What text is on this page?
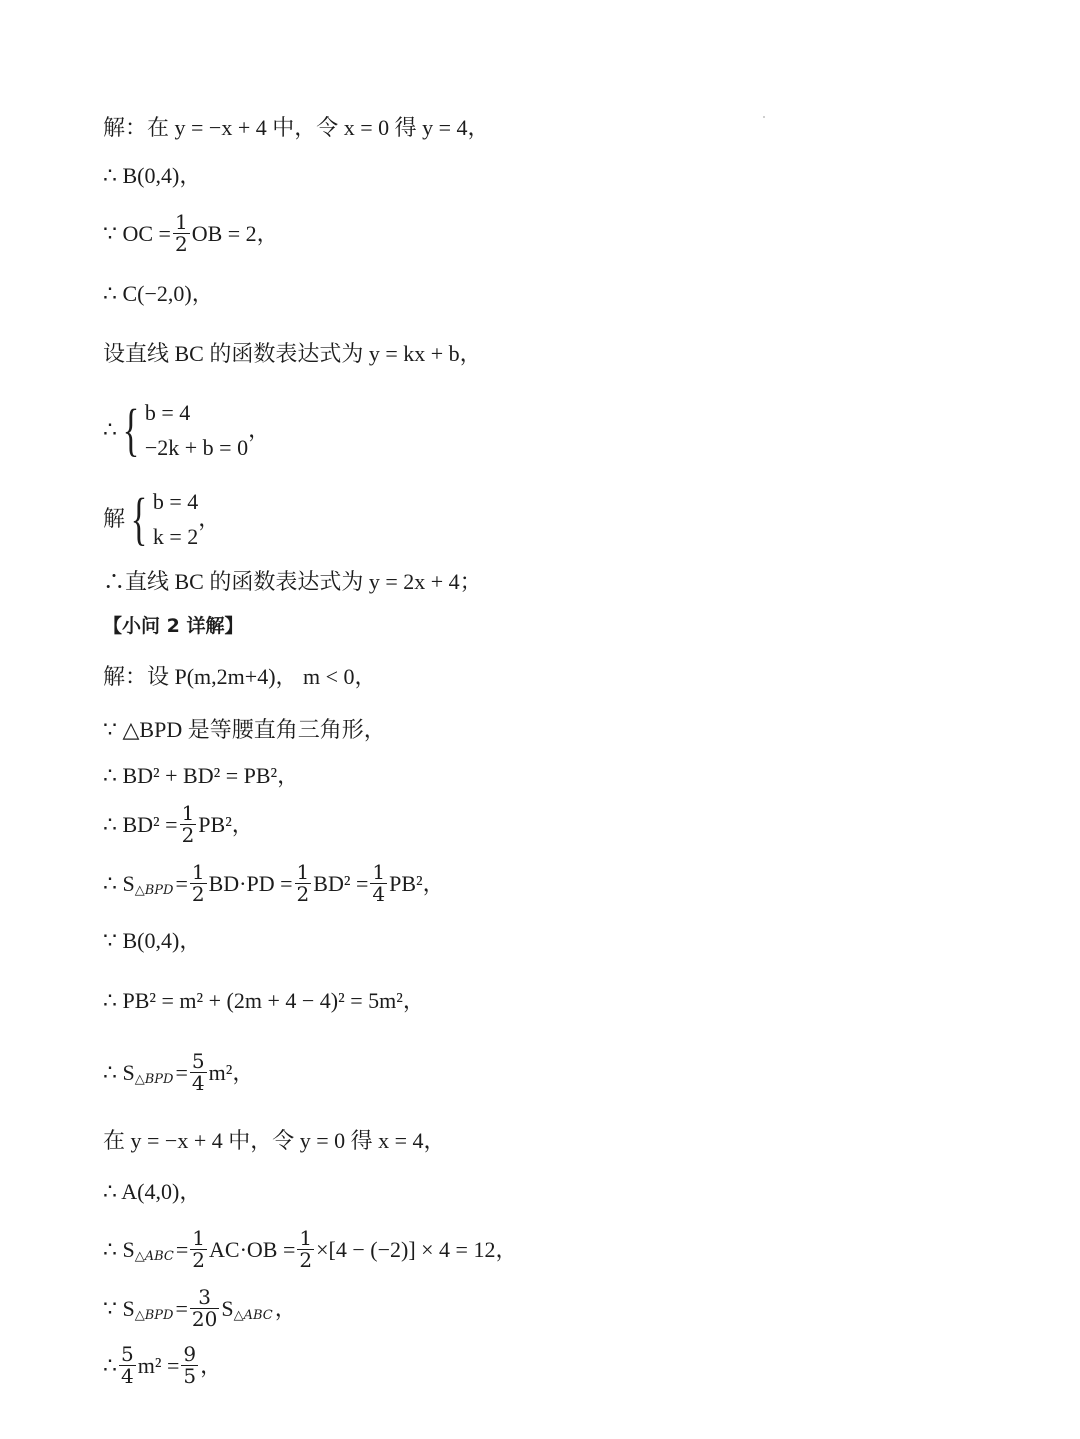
解：在 y = −x + 4 中，令 x = 0 得 y = 4，
∴ B(0,4)，
∵ OC = $\frac{1}{2}$ OB = 2，
∴ C(−2,0)，
设直线 BC 的函数表达式为 y = kx + b，
∴ { b = 4
−2k + b = 0
，
解 { b = 4
k = 2
，
∴直线 BC 的函数表达式为 y = 2x + 4；
【小问 2 详解】
解：设 P(m,2m+4)， m < 0，
∵ △BPD 是等腰直角三角形，
∴ BD² + BD² = PB²，
∴ $BD^2 = \frac{1}{2} PB^2$，
∴ S △BPD = $\frac{1}{2} BD\cdot PD = \frac{1}{2} BD^2 = \frac{1}{4} PB^2$，
∵ B(0,4)，
∴ PB² = m² + (2m + 4 − 4)² = 5m²，
∴ S △BPD = $\frac{5}{4} m^2$，
在 y = −x + 4 中，令 y = 0 得 x = 4，
∴ A(4,0)，
∴ S △ABC = $\frac{1}{2} AC\cdot OB = \frac{1}{2} \times[4 - (-2)] \times 4 = 12$，
∵ S △BPD = $\frac{3}{20}$ S △ABC ，
∴ $\frac{5}{4} m^2 = \frac{9}{5}$ ，
